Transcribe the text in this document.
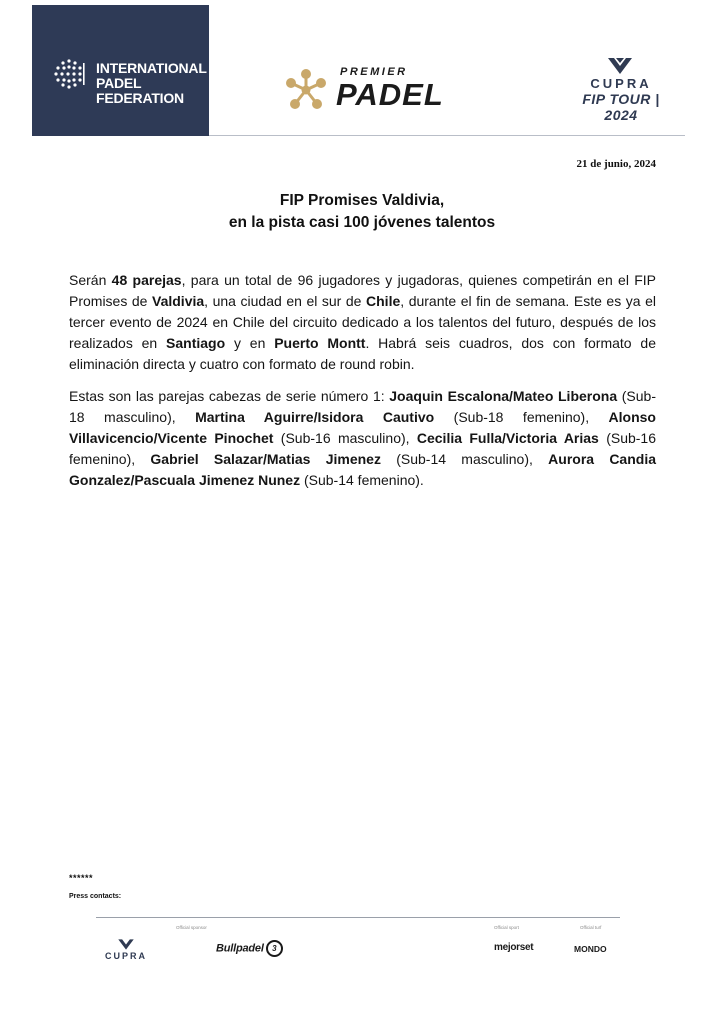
INTERNATIONAL
PADEL
FEDERATION
PREMIER
PADEL	CUPRA
FIP TOUR | 2024
21 de junio, 2024
FIP Promises Valdivia,
en la pista casi 100 jóvenes talentos
Serán 48 parejas, para un total de 96 jugadores y jugadoras, quienes competirán en el FIP Promises de Valdivia, una ciudad en el sur de Chile, durante el fin de semana. Este es ya el tercer evento de 2024 en Chile del circuito dedicado a los talentos del futuro, después de los realizados en Santiago y en Puerto Montt. Habrá seis cuadros, dos con formato de eliminación directa y cuatro con formato de round robin.
Estas son las parejas cabezas de serie número 1: Joaquin Escalona/Mateo Liberona (Sub-18 masculino), Martina Aguirre/Isidora Cautivo (Sub-18 femenino), Alonso Villavicencio/Vicente Pinochet (Sub-16 masculino), Cecilia Fulla/Victoria Arias (Sub-16 femenino), Gabriel Salazar/Matias Jimenez (Sub-14 masculino), Aurora Candia Gonzalez/Pascuala Jimenez Nunez (Sub-14 femenino).
******
Press contacts:
Official sponsor	Official sport	Official turf
CUPRA
Bullpadel 3	mejorset	MONDO
